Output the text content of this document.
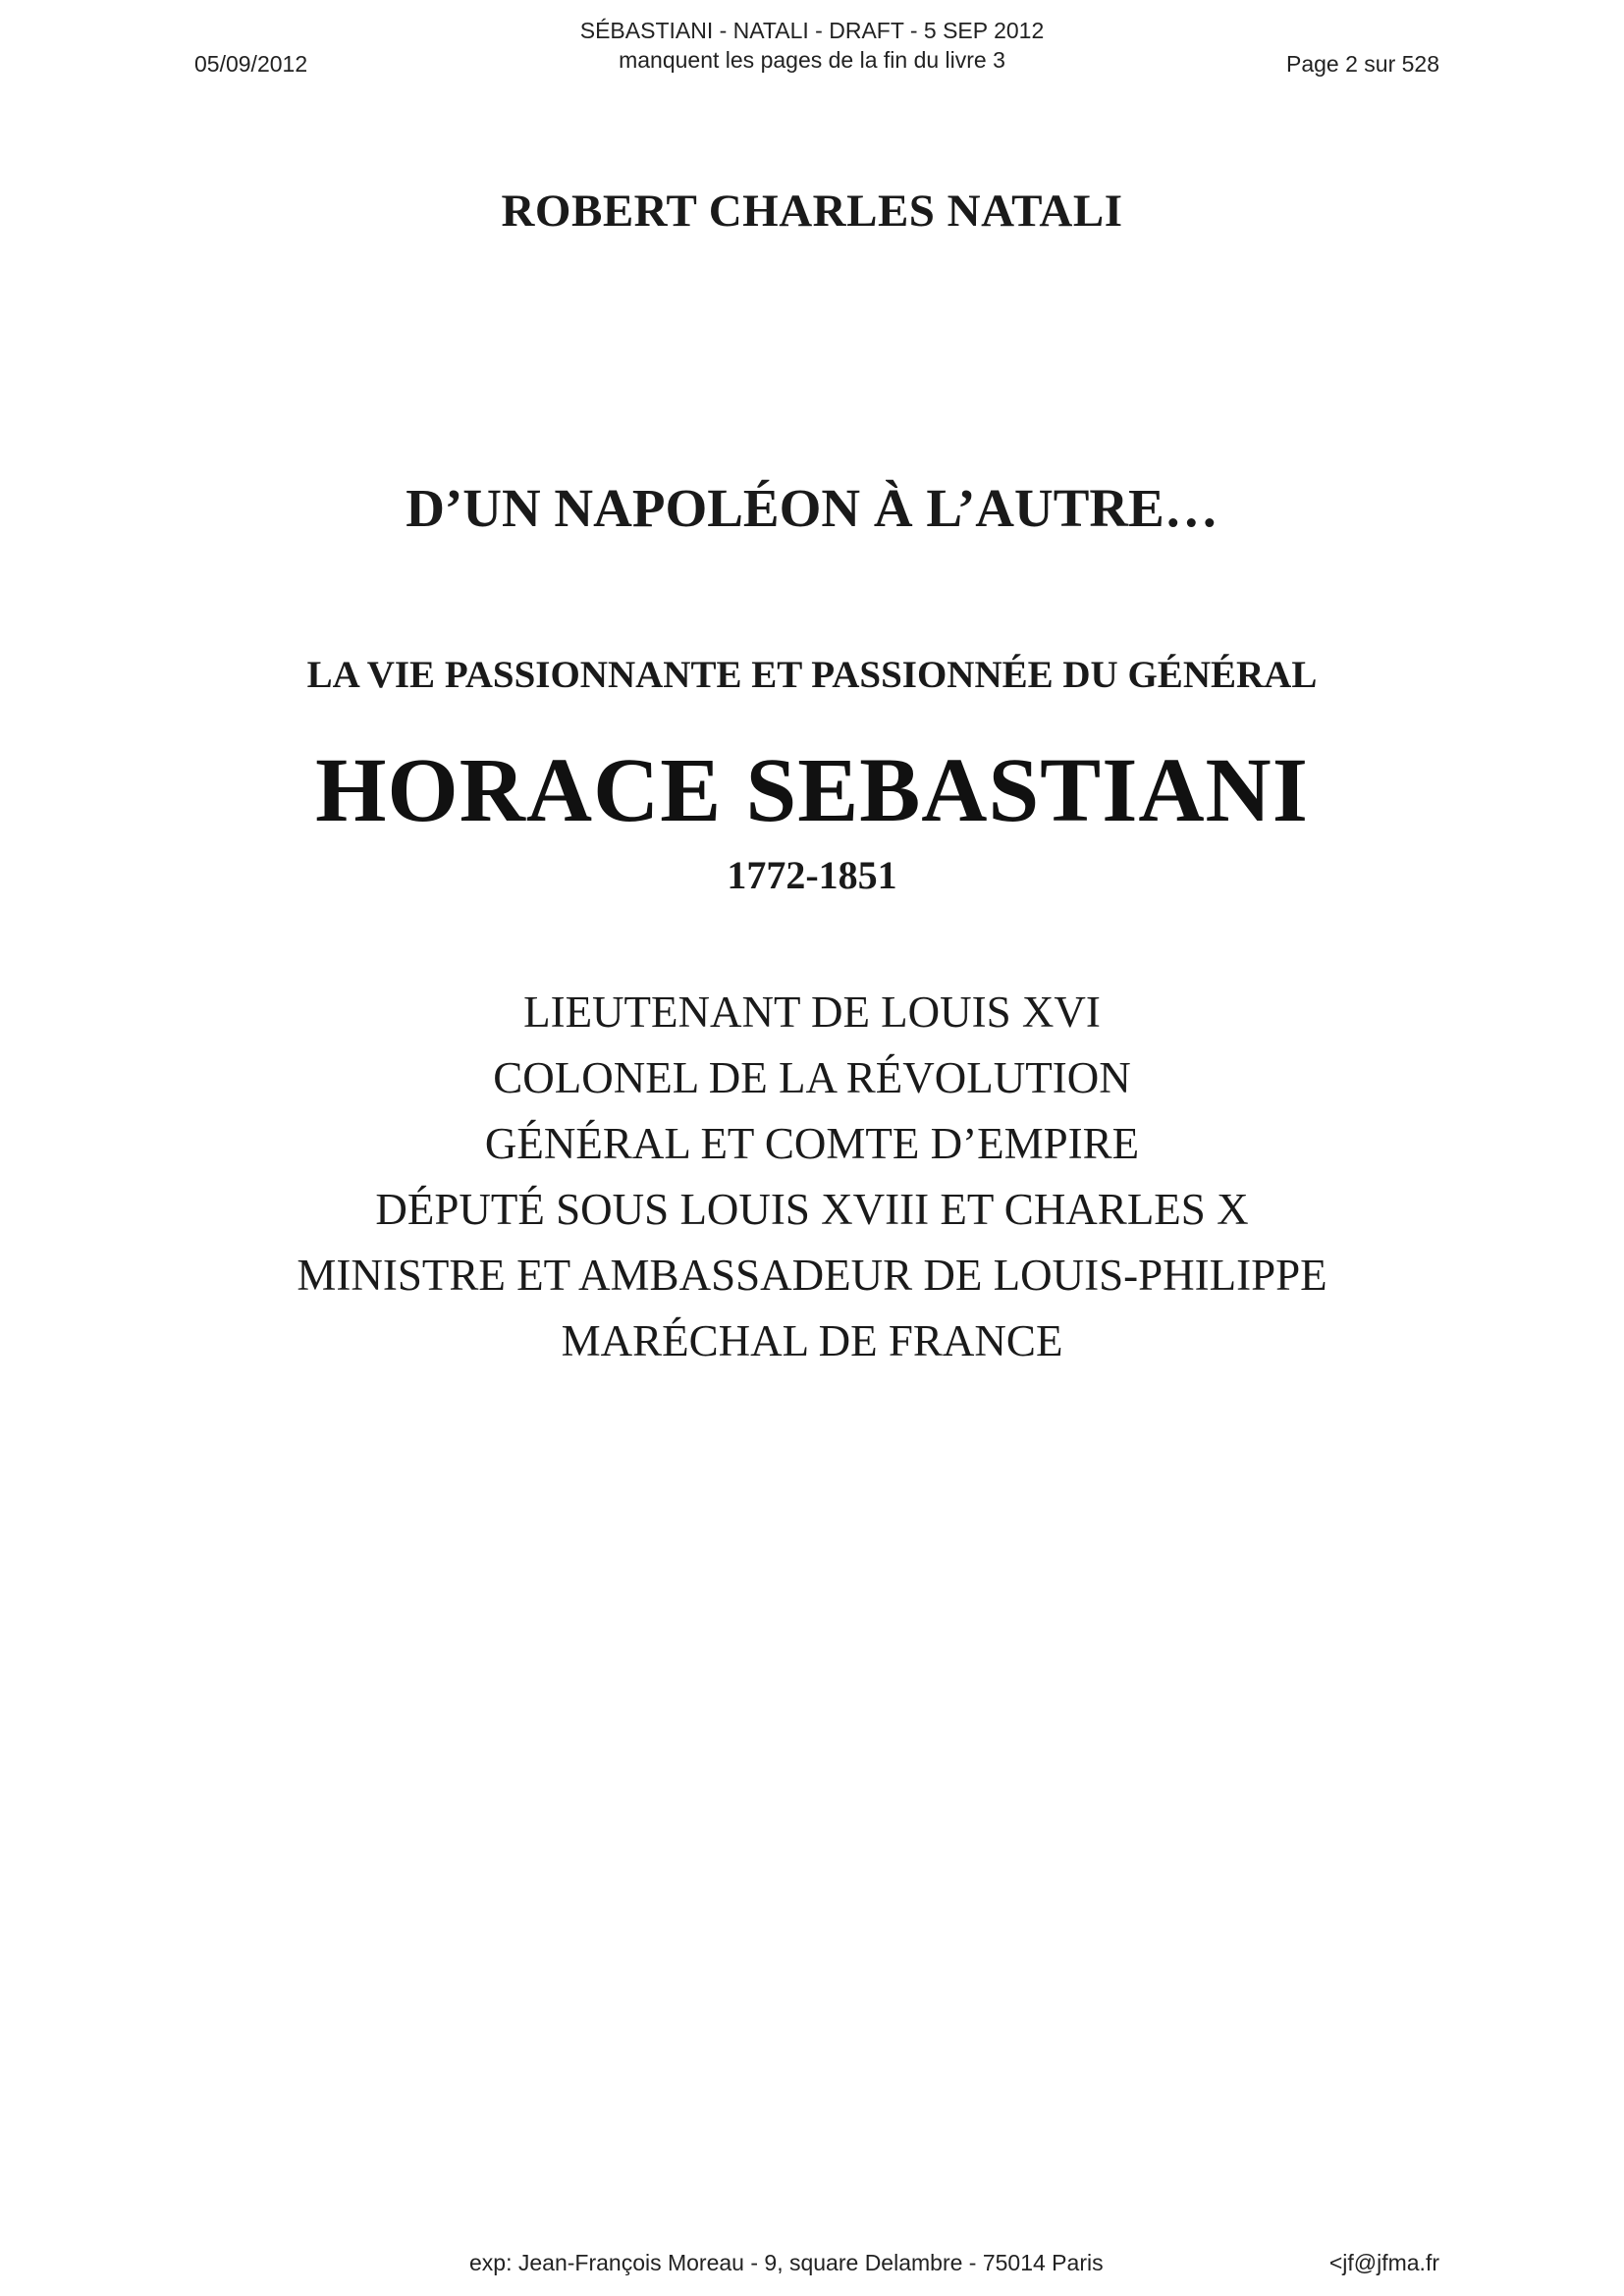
05/09/2012
SÉBASTIANI - NATALI - DRAFT - 5 SEP 2012
manquent les pages de la fin du livre 3	Page 2 sur 528
ROBERT CHARLES NATALI
D’UN NAPOLÉON À L’AUTRE…
LA VIE PASSIONNANTE ET PASSIONNÉE DU GÉNÉRAL
HORACE SEBASTIANI
1772-1851
LIEUTENANT DE LOUIS XVI
COLONEL DE LA RÉVOLUTION
GÉNÉRAL ET COMTE D’EMPIRE
DÉPUTÉ SOUS LOUIS XVIII ET CHARLES X
MINISTRE ET AMBASSADEUR DE LOUIS-PHILIPPE
MARÉCHAL DE FRANCE
exp: Jean-François Moreau - 9, square Delambre - 75014 Paris	<jf@jfma.fr
